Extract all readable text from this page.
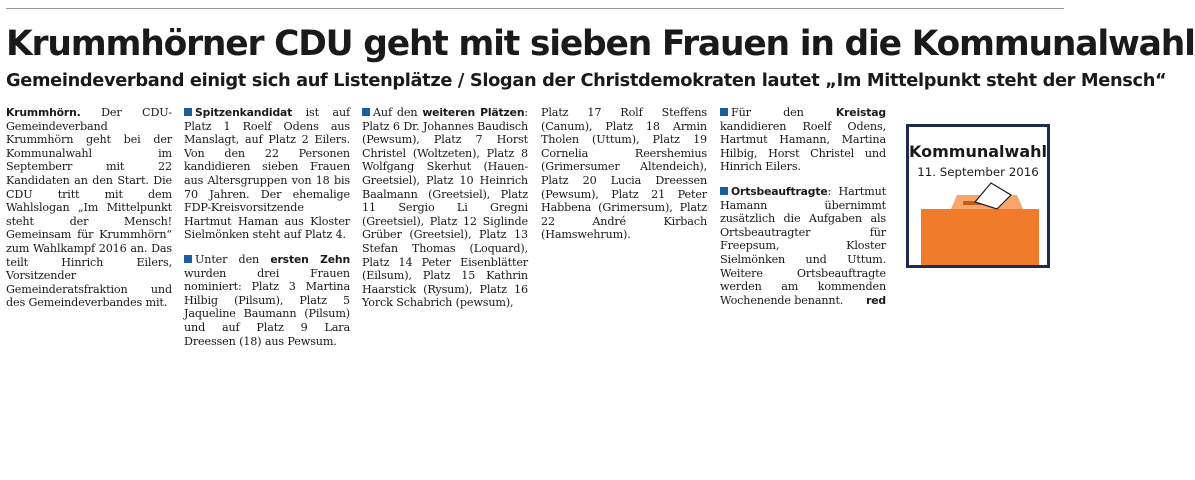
Krummhörner CDU geht mit sieben Frauen in die Kommunalwahl
Gemeindeverband einigt sich auf Listenplätze / Slogan der Christdemokraten lautet „Im Mittelpunkt steht der Mensch“

Krummhörn. Der CDU-Gemeindeverband Krummhörn geht bei der Kommunalwahl im Septemberr mit 22 Kandidaten an den Start. Die CDU tritt mit dem Wahlslogan „Im Mittelpunkt steht der Mensch! Gemeinsam für Krummhörn“ zum Wahlkampf 2016 an. Das teilt Hinrich Eilers, Vorsitzender Gemeinderatsfraktion und des Gemeindeverbandes mit.

Spitzenkandidat ist auf Platz 1 Roelf Odens aus Manslagt, auf Platz 2 Eilers. Von den 22 Personen kandidieren sieben Frauen aus Altersgruppen von 18 bis 70 Jahren. Der ehemalige FDP-Kreisvorsitzende Hartmut Haman aus Kloster Sielmönken steht auf Platz 4.

Unter den ersten Zehn wurden drei Frauen nominiert: Platz 3 Martina Hilbig (Pilsum), Platz 5 Jaqueline Baumann (Pilsum) und auf Platz 9 Lara Dreessen (18) aus Pewsum.

Auf den weiteren Plätzen: Platz 6 Dr. Johannes Baudisch (Pewsum), Platz 7 Horst Christel (Woltzeten), Platz 8 Wolfgang Skerhut (Hauen-Greetsiel), Platz 10 Heinrich Baalmann (Greetsiel), Platz 11 Sergio Li Gregni (Greetsiel), Platz 12 Siglinde Grüber (Greetsiel), Platz 13 Stefan Thomas (Loquard), Platz 14 Peter Eisenblätter (Eilsum), Platz 15 Kathrin Haarstick (Rysum), Platz 16 Yorck Schabrich (pewsum),

Für den	Kreistag kandidieren Roelf Odens, Hartmut Hamann, Martina Hilbig, Horst Christel und Hinrich Eilers.

Ortsbeauftragte: Hartmut Hamann übernimmt zusätzlich die Aufgaben als Ortsbeautragter für Freepsum, Kloster Sielmönken und Uttum. Weitere Ortsbeauftragte werden am kommenden Wochenende benannt. red

Kommunalwahl
11. September 2016

Platz 17 Rolf Steffens (Canum), Platz 18 Armin Tholen (Uttum), Platz 19 Cornelia Reershemius (Grimersumer Altendeich), Platz 20 Lucia Dreessen (Pewsum), Platz 21 Peter Habbena (Grimersum), Platz 22 André Kirbach (Hamswehrum).
